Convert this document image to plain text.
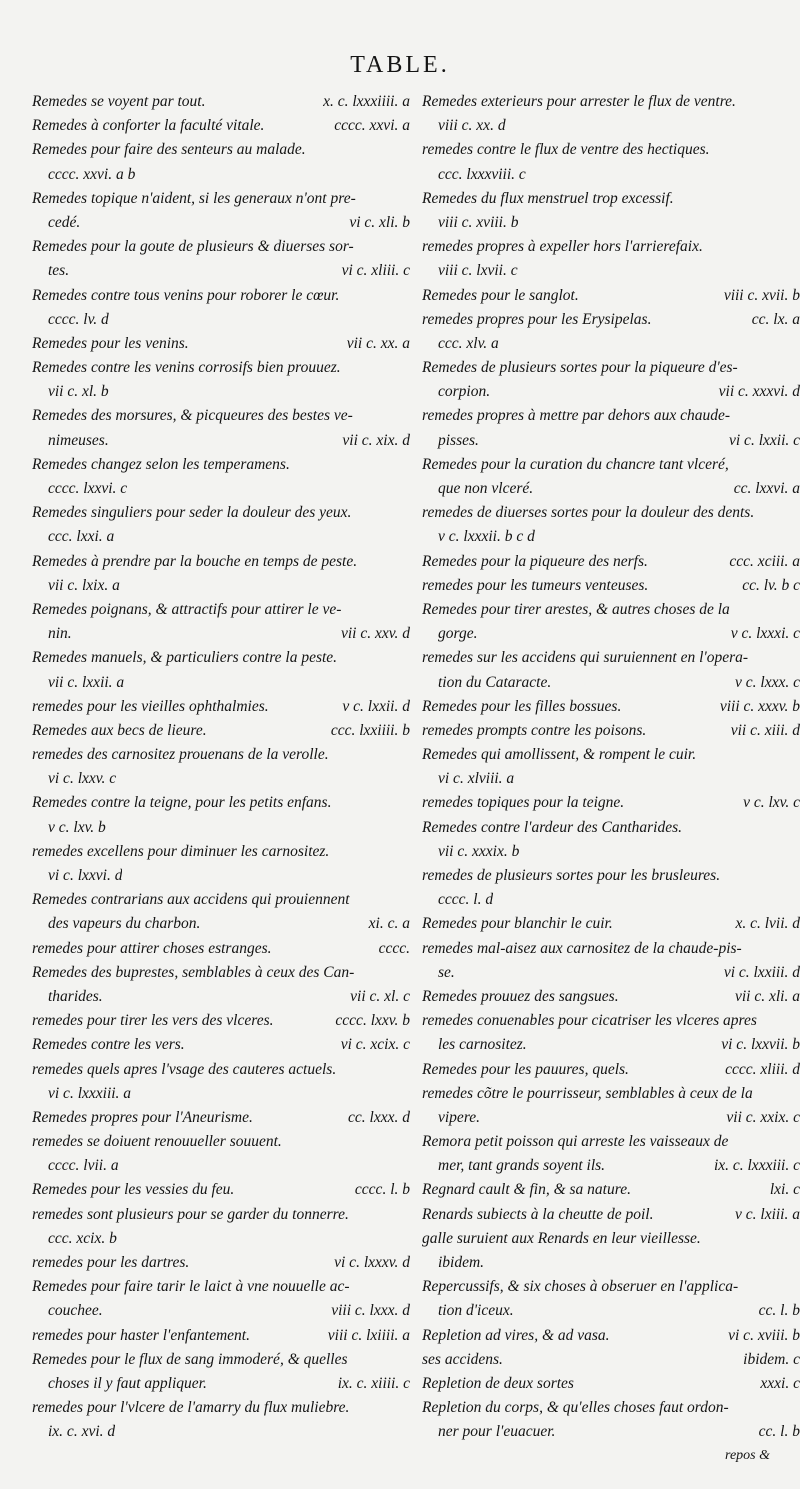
TABLE.
Remedes se voyent par tout.	x. c. lxxxiiii. a
Remedes à conforter la faculté vitale.	cccc. xxvi. a
Remedes pour faire des senteurs au malade.
cccc. xxvi. a b
Remedes topique n'aident, si les generaux n'ont pre-
cedé.	vi c. xli. b
Remedes pour la goute de plusieurs & diuerses sor-
tes.	vi c. xliii. c
Remedes contre tous venins pour roborer le cœur.
cccc. lv. d
Remedes pour les venins.	vii c. xx. a
Remedes contre les venins corrosifs bien prouuez.
vii c. xl. b
Remedes des morsures, & picqueures des bestes ve-
nimeuses.	vii c. xix. d
Remedes changez selon les temperamens.
cccc. lxxvi. c
Remedes singuliers pour seder la douleur des yeux.
ccc. lxxi. a
Remedes à prendre par la bouche en temps de peste.
vii c. lxix. a
Remedes poignans, & attractifs pour attirer le ve-
nin.	vii c. xxv. d
Remedes manuels, & particuliers contre la peste.
vii c. lxxii. a
remedes pour les vieilles ophthalmies.	v c. lxxii. d
Remedes aux becs de lieure.	ccc. lxxiiii. b
remedes des carnositez prouenans de la verolle.
vi c. lxxv. c
Remedes contre la teigne, pour les petits enfans.
v c. lxv. b
remedes excellens pour diminuer les carnositez.
vi c. lxxvi. d
Remedes contrarians aux accidens qui prouiennent
des vapeurs du charbon.	xi. c. a
remedes pour attirer choses estranges.	cccc.
Remedes des buprestes, semblables à ceux des Can-
tharides.	vii c. xl. c
remedes pour tirer les vers des vlceres.	cccc. lxxv. b
Remedes contre les vers.	vi c. xcix. c
remedes quels apres l'vsage des cauteres actuels.
vi c. lxxxiii. a
Remedes propres pour l'Aneurisme.	cc. lxxx. d
remedes se doiuent renouueller souuent.
cccc. lvii. a
Remedes pour les vessies du feu.	cccc. l. b
remedes sont plusieurs pour se garder du tonnerre.
ccc. xcix. b
remedes pour les dartres.	vi c. lxxxv. d
Remedes pour faire tarir le laict à vne nouuelle ac-
couchee.	viii c. lxxx. d
remedes pour haster l'enfantement.	viii c. lxiiii. a
Remedes pour le flux de sang immoderé, & quelles
choses il y faut appliquer.	ix. c. xiiii. c
remedes pour l'vlcere de l'amarry du flux muliebre.
ix. c. xvi. d
Remedes exterieurs pour arrester le flux de ventre.
viii c. xx. d
remedes contre le flux de ventre des hectiques.
ccc. lxxxviii. c
Remedes du flux menstruel trop excessif.
viii c. xviii. b
remedes propres à expeller hors l'arrierefaix.
viii c. lxvii. c
Remedes pour le sanglot.	viii c. xvii. b
remedes propres pour les Erysipelas.	cc. lx. a
ccc. xlv. a
Remedes de plusieurs sortes pour la piqueure d'es-
corpion.	vii c. xxxvi. d
remedes propres à mettre par dehors aux chaude-
pisses.	vi c. lxxii. c
Remedes pour la curation du chancre tant vlceré,
que non vlceré.	cc. lxxvi. a
remedes de diuerses sortes pour la douleur des dents.
v c. lxxxii. b c d
Remedes pour la piqueure des nerfs.	ccc. xciii. a
remedes pour les tumeurs venteuses.	cc. lv. b c
Remedes pour tirer arestes, & autres choses de la
gorge.	v c. lxxxi. c
remedes sur les accidens qui suruiennent en l'opera-
tion du Cataracte.	v c. lxxx. c
Remedes pour les filles bossues.	viii c. xxxv. b
remedes prompts contre les poisons.	vii c. xiii. d
Remedes qui amollissent, & rompent le cuir.
vi c. xlviii. a
remedes topiques pour la teigne.	v c. lxv. c
Remedes contre l'ardeur des Cantharides.
vii c. xxxix. b
remedes de plusieurs sortes pour les brusleures.
cccc. l. d
Remedes pour blanchir le cuir.	x. c. lvii. d
remedes mal-aisez aux carnositez de la chaude-pis-
se.	vi c. lxxiii. d
Remedes prouuez des sangsues.	vii c. xli. a
remedes conuenables pour cicatriser les vlceres apres
les carnositez.	vi c. lxxvii. b
Remedes pour les pauures, quels.	cccc. xliii. d
remedes cõtre le pourrisseur, semblables à ceux de la
vipere.	vii c. xxix. c
Remora petit poisson qui arreste les vaisseaux de
mer, tant grands soyent ils.	ix. c. lxxxiii. c
Regnard cault & fin, & sa nature.	lxi. c
Renards subiects à la cheutte de poil.	v c. lxiii. a
galle suruient aux Renards en leur vieillesse.
ibidem.
Repercussifs, & six choses à obseruer en l'applica-
tion d'iceux.	cc. l. b
Repletion ad vires, & ad vasa.	vi c. xviii. b
ses accidens.	ibidem. c
Repletion de deux sortes	xxxi. c
Repletion du corps, & qu'elles choses faut ordon-
ner pour l'euacuer.	cc. l. b
repos &
